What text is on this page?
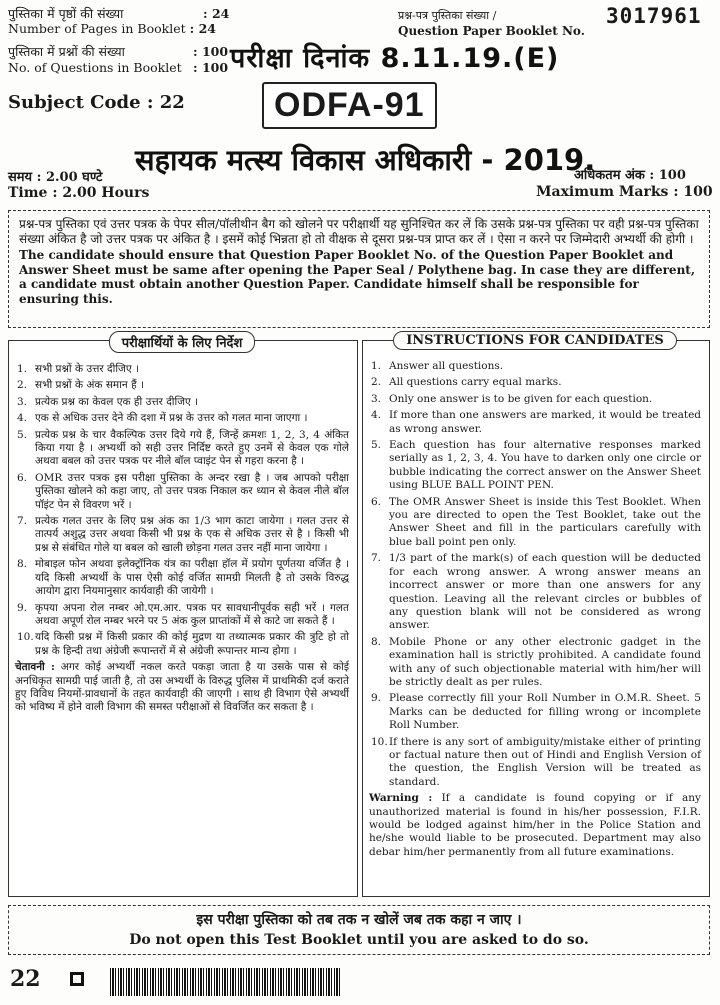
पुस्तिका में पृष्ठों की संख्या	: 24
Number of Pages in Booklet : 24
पुस्तिका में प्रश्नों की संख्या	: 100
No. of Questions in Booklet : 100
प्रश्न-पत्र पुस्तिका संख्या /
Question Paper Booklet No.
3017961
परीक्षा दिनांक 8.11.19.(E)
Subject Code : 22	ODFA-91
सहायक मत्स्य विकास अधिकारी - 2019.
समय : 2.00 घण्टे
Time : 2.00 Hours
अधिकतम अंक : 100
Maximum Marks : 100

प्रश्न-पत्र पुस्तिका एवं उत्तर पत्रक के पेपर सील/पॉलीथीन बैग को खोलने पर परीक्षार्थी यह सुनिश्चित कर लें कि उसके प्रश्न-पत्र पुस्तिका पर वही प्रश्न-पत्र पुस्तिका संख्या अंकित है जो उत्तर पत्रक पर अंकित है । इसमें कोई भिन्नता हो तो वीक्षक से दूसरा प्रश्न-पत्र प्राप्त कर लें । ऐसा न करने पर जिम्मेदारी अभ्यर्थी की होगी ।

The candidate should ensure that Question Paper Booklet No. of the Question Paper Booklet and Answer Sheet must be same after opening the Paper Seal / Polythene bag. In case they are different, a candidate must obtain another Question Paper. Candidate himself shall be responsible for ensuring this.

परीक्षार्थियों के लिए निर्देश
1. सभी प्रश्नों के उत्तर दीजिए ।
2. सभी प्रश्नों के अंक समान हैं ।
3. प्रत्येक प्रश्न का केवल एक ही उत्तर दीजिए ।
4. एक से अधिक उत्तर देने की दशा में प्रश्न के उत्तर को गलत माना जाएगा ।
5. प्रत्येक प्रश्न के चार वैकल्पिक उत्तर दिये गये हैं, जिन्हें क्रमशः 1, 2, 3, 4 अंकित किया गया है । अभ्यर्थी को सही उत्तर निर्दिष्ट करते हुए उनमें से केवल एक गोले अथवा बबल को उत्तर पत्रक पर नीले बॉल प्वाइंट पेन से गहरा करना है ।
6. OMR उत्तर पत्रक इस परीक्षा पुस्तिका के अन्दर रखा है । जब आपको परीक्षा पुस्तिका खोलने को कहा जाए, तो उत्तर पत्रक निकाल कर ध्यान से केवल नीले बॉल पॉइंट पेन से विवरण भरें ।
7. प्रत्येक गलत उत्तर के लिए प्रश्न अंक का 1/3 भाग काटा जायेगा । गलत उत्तर से तात्पर्य अशुद्ध उत्तर अथवा किसी भी प्रश्न के एक से अधिक उत्तर से है । किसी भी प्रश्न से संबंधित गोले या बबल को खाली छोड़ना गलत उत्तर नहीं माना जायेगा ।
8. मोबाइल फोन अथवा इलेक्ट्रॉनिक यंत्र का परीक्षा हॉल में प्रयोग पूर्णतया वर्जित है । यदि किसी अभ्यर्थी के पास ऐसी कोई वर्जित सामग्री मिलती है तो उसके विरुद्ध आयोग द्वारा नियमानुसार कार्यवाही की जायेगी ।
9. कृपया अपना रोल नम्बर ओ.एम.आर. पत्रक पर सावधानीपूर्वक सही भरें । गलत अथवा अपूर्ण रोल नम्बर भरने पर 5 अंक कुल प्राप्तांकों में से काटे जा सकते हैं ।
10. यदि किसी प्रश्न में किसी प्रकार की कोई मुद्रण या तथ्यात्मक प्रकार की त्रुटि हो तो प्रश्न के हिन्दी तथा अंग्रेजी रूपान्तरों में से अंग्रेजी रूपान्तर मान्य होगा ।
चेतावनी : अगर कोई अभ्यर्थी नकल करते पकड़ा जाता है या उसके पास से कोई अनधिकृत सामग्री पाई जाती है, तो उस अभ्यर्थी के विरुद्ध पुलिस में प्राथमिकी दर्ज कराते हुए विविध नियमों-प्रावधानों के तहत कार्यवाही की जाएगी । साथ ही विभाग ऐसे अभ्यर्थी को भविष्य में होने वाली विभाग की समस्त परीक्षाओं से विवर्जित कर सकता है ।
INSTRUCTIONS FOR CANDIDATES
1. Answer all questions.
2. All questions carry equal marks.
3. Only one answer is to be given for each question.
4. If more than one answers are marked, it would be treated as wrong answer.
5. Each question has four alternative responses marked serially as 1, 2, 3, 4. You have to darken only one circle or bubble indicating the correct answer on the Answer Sheet using BLUE BALL POINT PEN.
6. The OMR Answer Sheet is inside this Test Booklet. When you are directed to open the Test Booklet, take out the Answer Sheet and fill in the particulars carefully with blue ball point pen only.
7. 1/3 part of the mark(s) of each question will be deducted for each wrong answer. A wrong answer means an incorrect answer or more than one answers for any question. Leaving all the relevant circles or bubbles of any question blank will not be considered as wrong answer.
8. Mobile Phone or any other electronic gadget in the examination hall is strictly prohibited. A candidate found with any of such objectionable material with him/her will be strictly dealt as per rules.
9. Please correctly fill your Roll Number in O.M.R. Sheet. 5 Marks can be deducted for filling wrong or incomplete Roll Number.
10. If there is any sort of ambiguity/mistake either of printing or factual nature then out of Hindi and English Version of the question, the English Version will be treated as standard.
Warning : If a candidate is found copying or if any unauthorized material is found in his/her possession, F.I.R. would be lodged against him/her in the Police Station and he/she would liable to be prosecuted. Department may also debar him/her permanently from all future examinations.
इस परीक्षा पुस्तिका को तब तक न खोलें जब तक कहा न जाए ।
Do not open this Test Booklet until you are asked to do so.
22
